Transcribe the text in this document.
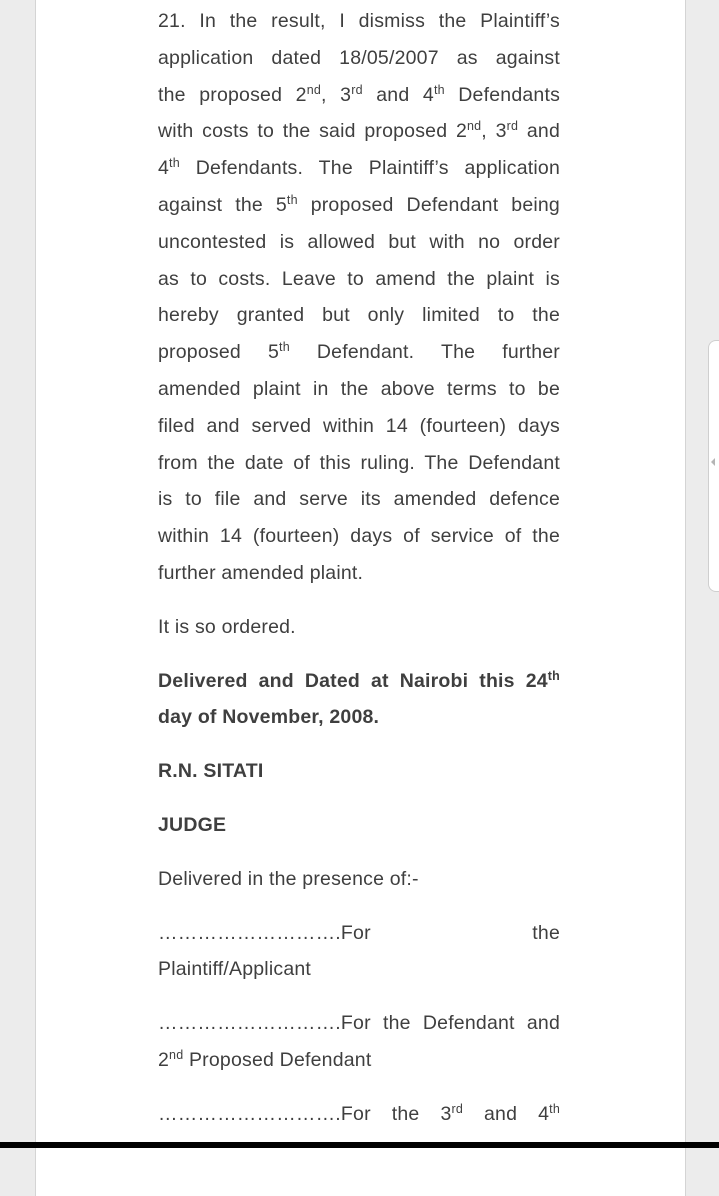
21. In the result, I dismiss the Plaintiff’s
application dated 18/05/2007 as against
the proposed 2nd, 3rd and 4th Defendants
with costs to the said proposed 2nd, 3rd and
4th Defendants. The Plaintiff’s application
against the 5th proposed Defendant being
uncontested is allowed but with no order
as to costs. Leave to amend the plaint is
hereby granted but only limited to the
proposed 5th Defendant. The further
amended plaint in the above terms to be
filed and served within 14 (fourteen) days
from the date of this ruling. The Defendant
is to file and serve its amended defence
within 14 (fourteen) days of service of the
further amended plaint.
It is so ordered.
Delivered and Dated at Nairobi this 24th
day of November, 2008.
R.N. SITATI
JUDGE
Delivered in the presence of:-
……………………….For	the
Plaintiff/Applicant
……………………….For the Defendant and
2nd Proposed Defendant
……………………….For the 3rd and 4th
